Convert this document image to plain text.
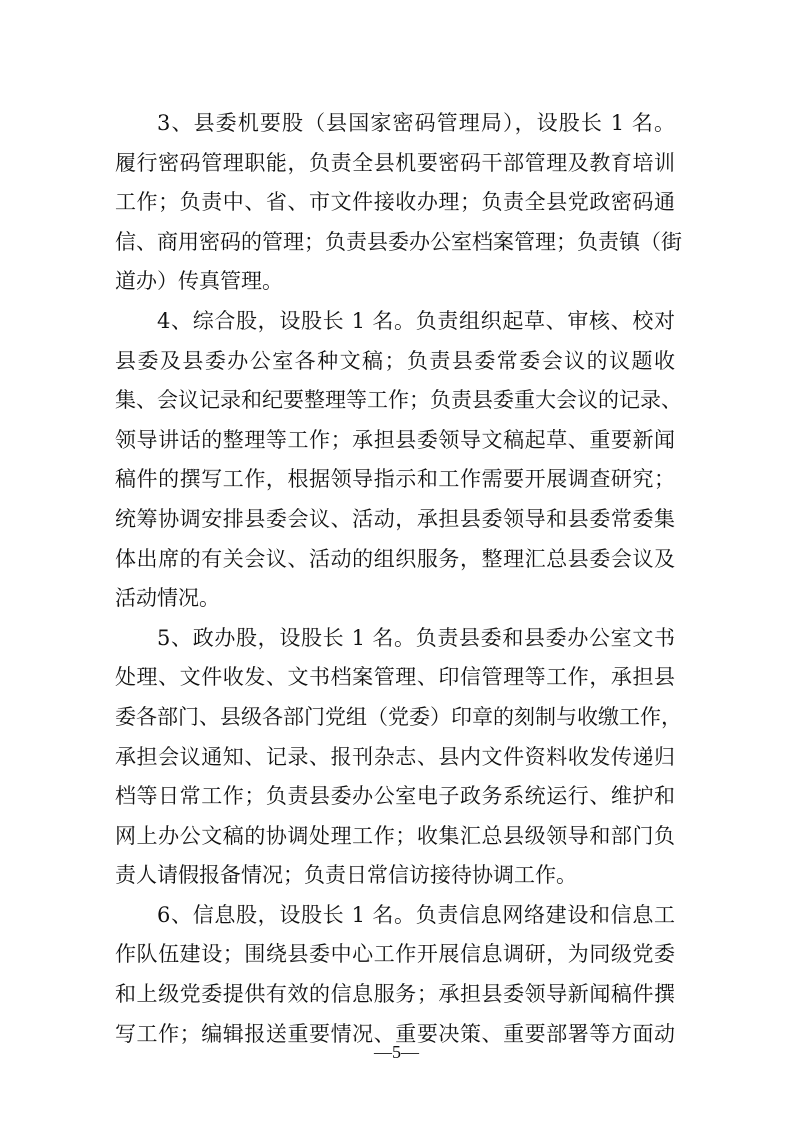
3、县委机要股（县国家密码管理局），设股长 1 名。
履行密码管理职能，负责全县机要密码干部管理及教育培训
工作；负责中、省、市文件接收办理；负责全县党政密码通
信、商用密码的管理；负责县委办公室档案管理；负责镇（街
道办）传真管理。
4、综合股，设股长 1 名。负责组织起草、审核、校对
县委及县委办公室各种文稿；负责县委常委会议的议题收
集、会议记录和纪要整理等工作；负责县委重大会议的记录、
领导讲话的整理等工作；承担县委领导文稿起草、重要新闻
稿件的撰写工作，根据领导指示和工作需要开展调查研究；
统筹协调安排县委会议、活动，承担县委领导和县委常委集
体出席的有关会议、活动的组织服务，整理汇总县委会议及
活动情况。
5、政办股，设股长 1 名。负责县委和县委办公室文书
处理、文件收发、文书档案管理、印信管理等工作，承担县
委各部门、县级各部门党组（党委）印章的刻制与收缴工作，
承担会议通知、记录、报刊杂志、县内文件资料收发传递归
档等日常工作；负责县委办公室电子政务系统运行、维护和
网上办公文稿的协调处理工作；收集汇总县级领导和部门负
责人请假报备情况；负责日常信访接待协调工作。
6、信息股，设股长 1 名。负责信息网络建设和信息工
作队伍建设；围绕县委中心工作开展信息调研，为同级党委
和上级党委提供有效的信息服务；承担县委领导新闻稿件撰
写工作；编辑报送重要情况、重要决策、重要部署等方面动
—5—
